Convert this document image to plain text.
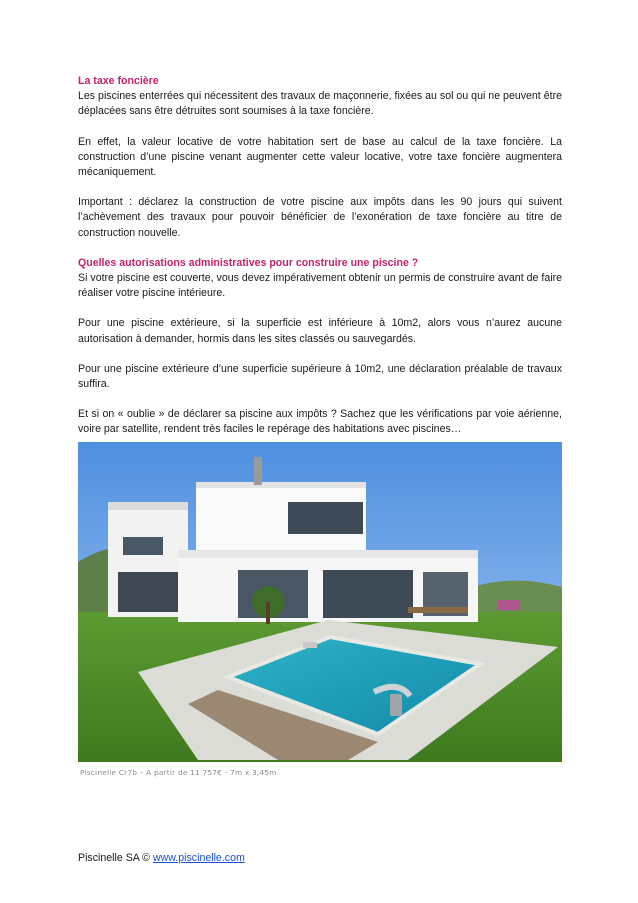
La taxe foncière
Les piscines enterrées qui nécessitent des travaux de maçonnerie, fixées au sol ou qui ne peuvent être déplacées sans être détruites sont soumises à la taxe foncière.

En effet, la valeur locative de votre habitation sert de base au calcul de la taxe foncière. La construction d’une piscine venant augmenter cette valeur locative, votre taxe foncière augmentera mécaniquement.

Important : déclarez la construction de votre piscine aux impôts dans les 90 jours qui suivent l’achèvement des travaux pour pouvoir bénéficier de l’exonération de taxe foncière au titre de construction nouvelle.

Quelles autorisations administratives pour construire une piscine ?
Si votre piscine est couverte, vous devez impérativement obtenir un permis de construire avant de faire réaliser votre piscine intérieure.

Pour une piscine extérieure, si la superficie est inférieure à 10m2, alors vous n’aurez aucune autorisation à demander, hormis dans les sites classés ou sauvegardés.

Pour une piscine extérieure d’une superficie supérieure à 10m2, une déclaration préalable de travaux suffira.

Et si on « oublie » de déclarer sa piscine aux impôts ? Sachez que les vérifications par voie aérienne, voire par satellite, rendent très faciles le repérage des habitations avec piscines…

Piscinelle Cr7b – A partir de 11 757€ - 7m x 3,45m
Piscinelle SA © www.piscinelle.com
